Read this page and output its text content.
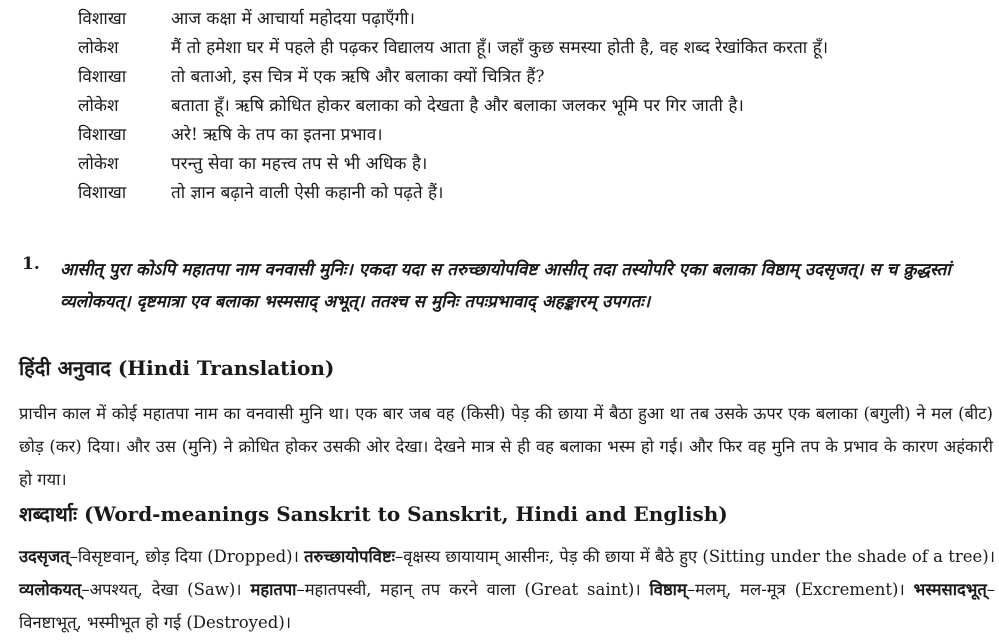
विशाखा	आज कक्षा में आचार्या महोदया पढ़ाएँगी।
लोकेश	मैं तो हमेशा घर में पहले ही पढ़कर विद्यालय आता हूँ। जहाँ कुछ समस्या होती है, वह शब्द रेखांकित करता हूँ।
विशाखा	तो बताओ, इस चित्र में एक ऋषि और बलाका क्यों चित्रित हैं?
लोकेश	बताता हूँ। ऋषि क्रोधित होकर बलाका को देखता है और बलाका जलकर भूमि पर गिर जाती है।
विशाखा	अरे! ऋषि के तप का इतना प्रभाव।
लोकेश	परन्तु सेवा का महत्त्व तप से भी अधिक है।
विशाखा	तो ज्ञान बढ़ाने वाली ऐसी कहानी को पढ़ते हैं।
1.	आसीत् पुरा कोऽपि महातपा नाम वनवासी मुनिः। एकदा यदा स तरुच्छायोपविष्ट आसीत् तदा तस्योपरि एका बलाका विष्ठाम् उदसृजत्। स च क्रुद्धस्तां व्यलोकयत्। दृष्टमात्रा एव बलाका भस्मसाद् अभूत्। ततश्च स मुनिः तपःप्रभावाद् अहङ्कारम् उपगतः।
हिंदी अनुवाद (Hindi Translation)
प्राचीन काल में कोई महातपा नाम का वनवासी मुनि था। एक बार जब वह (किसी) पेड़ की छाया में बैठा हुआ था तब उसके ऊपर एक बलाका (बगुली) ने मल (बीट) छोड़ (कर) दिया। और उस (मुनि) ने क्रोधित होकर उसकी ओर देखा। देखने मात्र से ही वह बलाका भस्म हो गई। और फिर वह मुनि तप के प्रभाव के कारण अहंकारी हो गया।
शब्दार्थाः (Word-meanings Sanskrit to Sanskrit, Hindi and English)
उदसृजत्–विसृष्टवान्, छोड़ दिया (Dropped)। तरुच्छायोपविष्टः–वृक्षस्य छायायाम् आसीनः, पेड़ की छाया में बैठे हुए (Sitting under the shade of a tree)। व्यलोकयत्–अपश्यत्, देखा (Saw)। महातपा–महातपस्वी, महान् तप करने वाला (Great saint)। विष्ठाम्–मलम्, मल-मूत्र (Excrement)। भस्मसादभूत्–विनष्टाभूत्, भस्मीभूत हो गई (Destroyed)।
